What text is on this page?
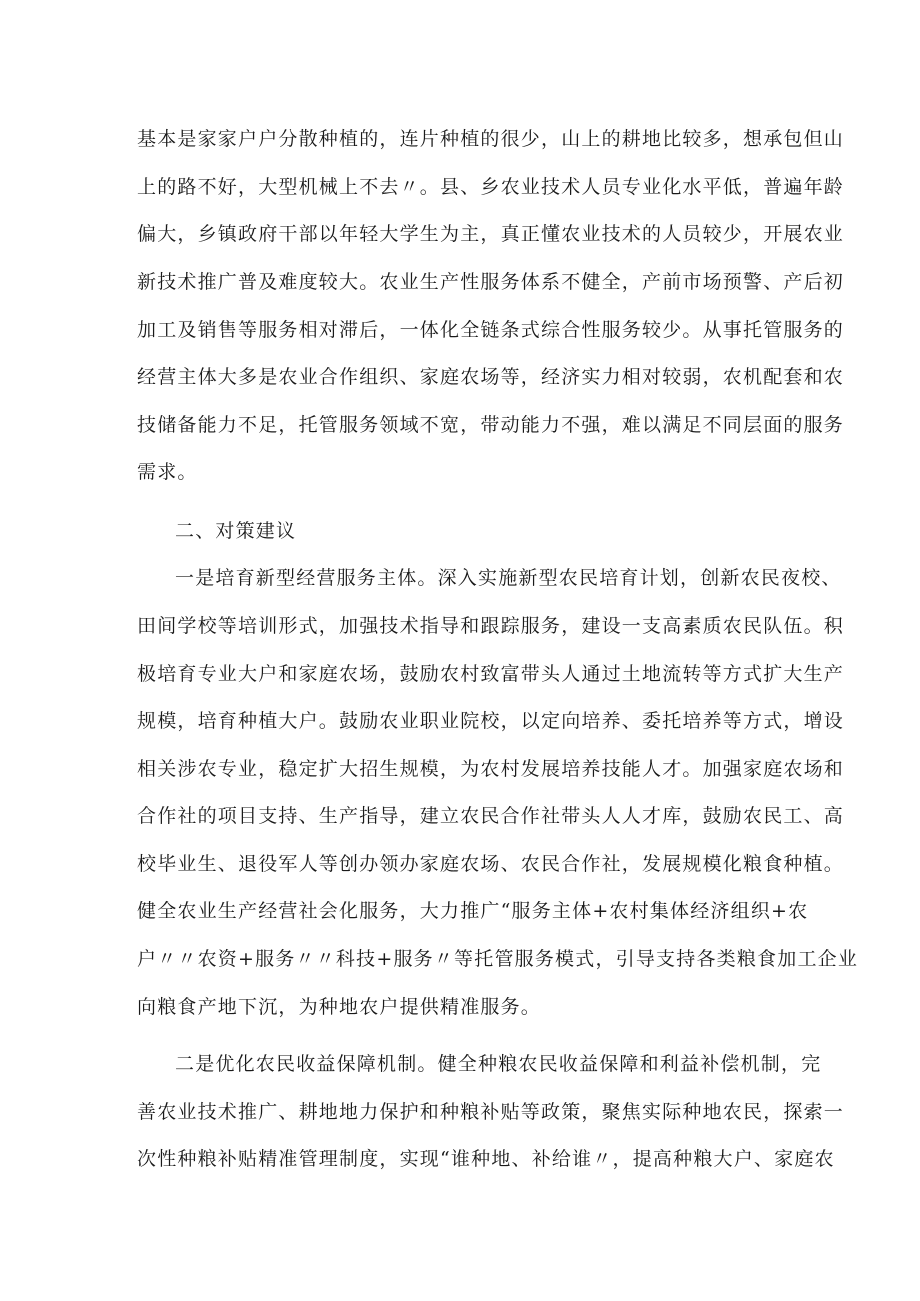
基本是家家户户分散种植的，连片种植的很少，山上的耕地比较多，想承包但山
上的路不好，大型机械上不去〃。县、乡农业技术人员专业化水平低，普遍年龄
偏大，乡镇政府干部以年轻大学生为主，真正懂农业技术的人员较少，开展农业
新技术推广普及难度较大。农业生产性服务体系不健全，产前市场预警、产后初
加工及销售等服务相对滞后，一体化全链条式综合性服务较少。从事托管服务的
经营主体大多是农业合作组织、家庭农场等，经济实力相对较弱，农机配套和农
技储备能力不足，托管服务领域不宽，带动能力不强，难以满足不同层面的服务
需求。
二、对策建议
一是培育新型经营服务主体。深入实施新型农民培育计划，创新农民夜校、
田间学校等培训形式，加强技术指导和跟踪服务，建设一支高素质农民队伍。积
极培育专业大户和家庭农场，鼓励农村致富带头人通过土地流转等方式扩大生产
规模，培育种植大户。鼓励农业职业院校，以定向培养、委托培养等方式，增设
相关涉农专业，稳定扩大招生规模，为农村发展培养技能人才。加强家庭农场和
合作社的项目支持、生产指导，建立农民合作社带头人人才库，鼓励农民工、高
校毕业生、退役军人等创办领办家庭农场、农民合作社，发展规模化粮食种植。
健全农业生产经营社会化服务，大力推广“服务主体+农村集体经济组织+农
户〃〃农资+服务〃〃科技+服务〃等托管服务模式，引导支持各类粮食加工企业
向粮食产地下沉，为种地农户提供精准服务。
二是优化农民收益保障机制。健全种粮农民收益保障和利益补偿机制，完
善农业技术推广、耕地地力保护和种粮补贴等政策，聚焦实际种地农民，探索一
次性种粮补贴精准管理制度，实现“谁种地、补给谁〃，提高种粮大户、家庭农
